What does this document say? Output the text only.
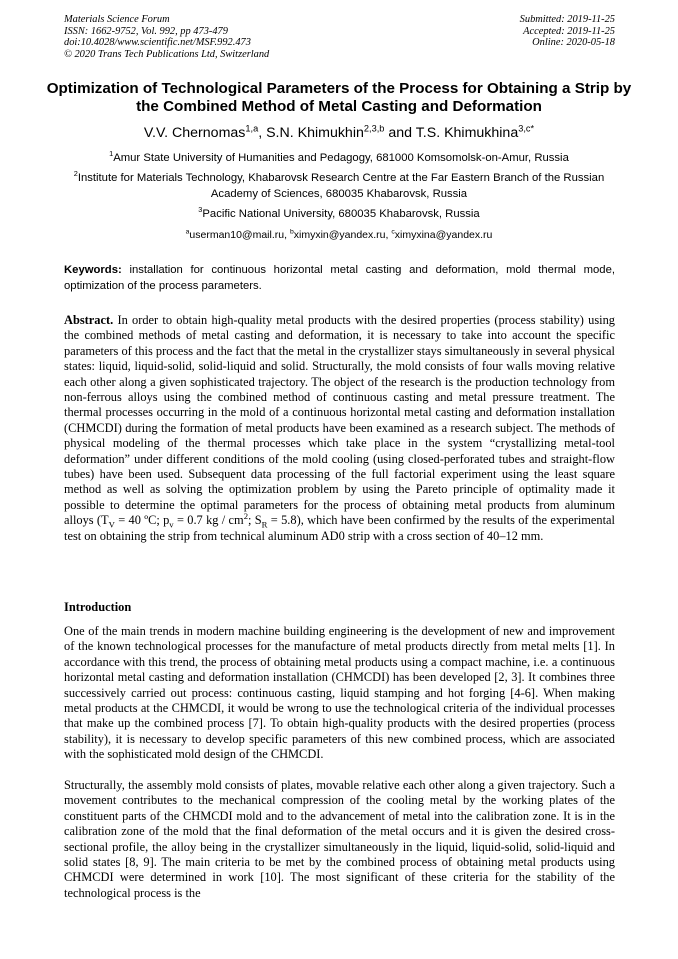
Materials Science Forum
ISSN: 1662-9752, Vol. 992, pp 473-479
doi:10.4028/www.scientific.net/MSF.992.473
© 2020 Trans Tech Publications Ltd, Switzerland
Submitted: 2019-11-25
Accepted: 2019-11-25
Online: 2020-05-18
Optimization of Technological Parameters of the Process for Obtaining a Strip by the Combined Method of Metal Casting and Deformation
V.V. Chernomas$^{1,a}$, S.N. Khimukhin$^{2,3,b}$ and T.S. Khimukhina$^{3,c*}$
$^1$Amur State University of Humanities and Pedagogy, 681000 Komsomolsk-on-Amur, Russia
$^2$Institute for Materials Technology, Khabarovsk Research Centre at the Far Eastern Branch of the Russian Academy of Sciences, 680035 Khabarovsk, Russia
$^3$Pacific National University, 680035 Khabarovsk, Russia
$^a$userman10@mail.ru, $^b$ximyxin@yandex.ru, $^c$ximyxina@yandex.ru
Keywords: installation for continuous horizontal metal casting and deformation, mold thermal mode, optimization of the process parameters.
Abstract. In order to obtain high-quality metal products with the desired properties (process stability) using the combined methods of metal casting and deformation, it is necessary to take into account the specific parameters of this process and the fact that the metal in the crystallizer stays simultaneously in several physical states: liquid, liquid-solid, solid-liquid and solid. Structurally, the mold consists of four walls moving relative each other along a given sophisticated trajectory. The object of the research is the production technology from non-ferrous alloys using the combined method of continuous casting and metal pressure treatment. The thermal processes occurring in the mold of a continuous horizontal metal casting and deformation installation (CHMCDI) during the formation of metal products have been examined as a research subject. The methods of physical modeling of the thermal processes which take place in the system “crystallizing metal-tool deformation” under different conditions of the mold cooling (using closed-perforated tubes and straight-flow tubes) have been used. Subsequent data processing of the full factorial experiment using the least square method as well as solving the optimization problem by using the Pareto principle of optimality made it possible to determine the optimal parameters for the process of obtaining metal products from aluminum alloys ($T_V = 40$ ºC; $p_v = 0.7$ kg / $cm^2$; $S_R = 5.8$), which have been confirmed by the results of the experimental test on obtaining the strip from technical aluminum AD0 strip with a cross section of 40–12 mm.
Introduction
One of the main trends in modern machine building engineering is the development of new and improvement of the known technological processes for the manufacture of metal products directly from metal melts [1]. In accordance with this trend, the process of obtaining metal products using a compact machine, i.e. a continuous horizontal metal casting and deformation installation (CHMCDI) has been developed [2, 3]. It combines three successively carried out process: continuous casting, liquid stamping and hot forging [4-6]. When making metal products at the CHMCDI, it would be wrong to use the technological criteria of the individual processes that make up the combined process [7]. To obtain high-quality products with the desired properties (process stability), it is necessary to develop specific parameters of this new combined process, which are associated with the sophisticated mold design of the CHMCDI.
Structurally, the assembly mold consists of plates, movable relative each other along a given trajectory. Such a movement contributes to the mechanical compression of the cooling metal by the working plates of the constituent parts of the CHMCDI mold and to the advancement of metal into the calibration zone. It is in the calibration zone of the mold that the final deformation of the metal occurs and it is given the desired cross-sectional profile, the alloy being in the crystallizer simultaneously in the liquid, liquid-solid, solid-liquid and solid states [8, 9]. The main criteria to be met by the combined process of obtaining metal products using CHMCDI were determined in work [10]. The most significant of these criteria for the stability of the technological process is the
